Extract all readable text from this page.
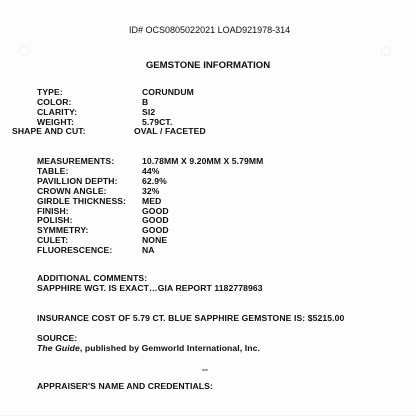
◌	◌
ID# OCS0805022021 LOAD921978-314
GEMSTONE INFORMATION
TYPE:	CORUNDUM
COLOR:	B
CLARITY:	SI2
WEIGHT:	5.79CT.
SHAPE AND CUT:	OVAL / FACETED
MEASUREMENTS:	10.78MM X 9.20MM X 5.79MM
TABLE:	44%
PAVILLION DEPTH:	62.9%
CROWN ANGLE:	32%
GIRDLE THICKNESS: MED
FINISH:	GOOD
POLISH:	GOOD
SYMMETRY:	GOOD
CULET:	NONE
FLUORESCENCE:	NA
ADDITIONAL COMMENTS:
SAPPHIRE WGT. IS EXACT…GIA REPORT 1182778963
INSURANCE COST OF 5.79 CT. BLUE SAPPHIRE GEMSTONE IS: $5215.00
SOURCE:
The Guide, published by Gemworld International, Inc.
--
APPRAISER'S NAME AND CREDENTIALS:
